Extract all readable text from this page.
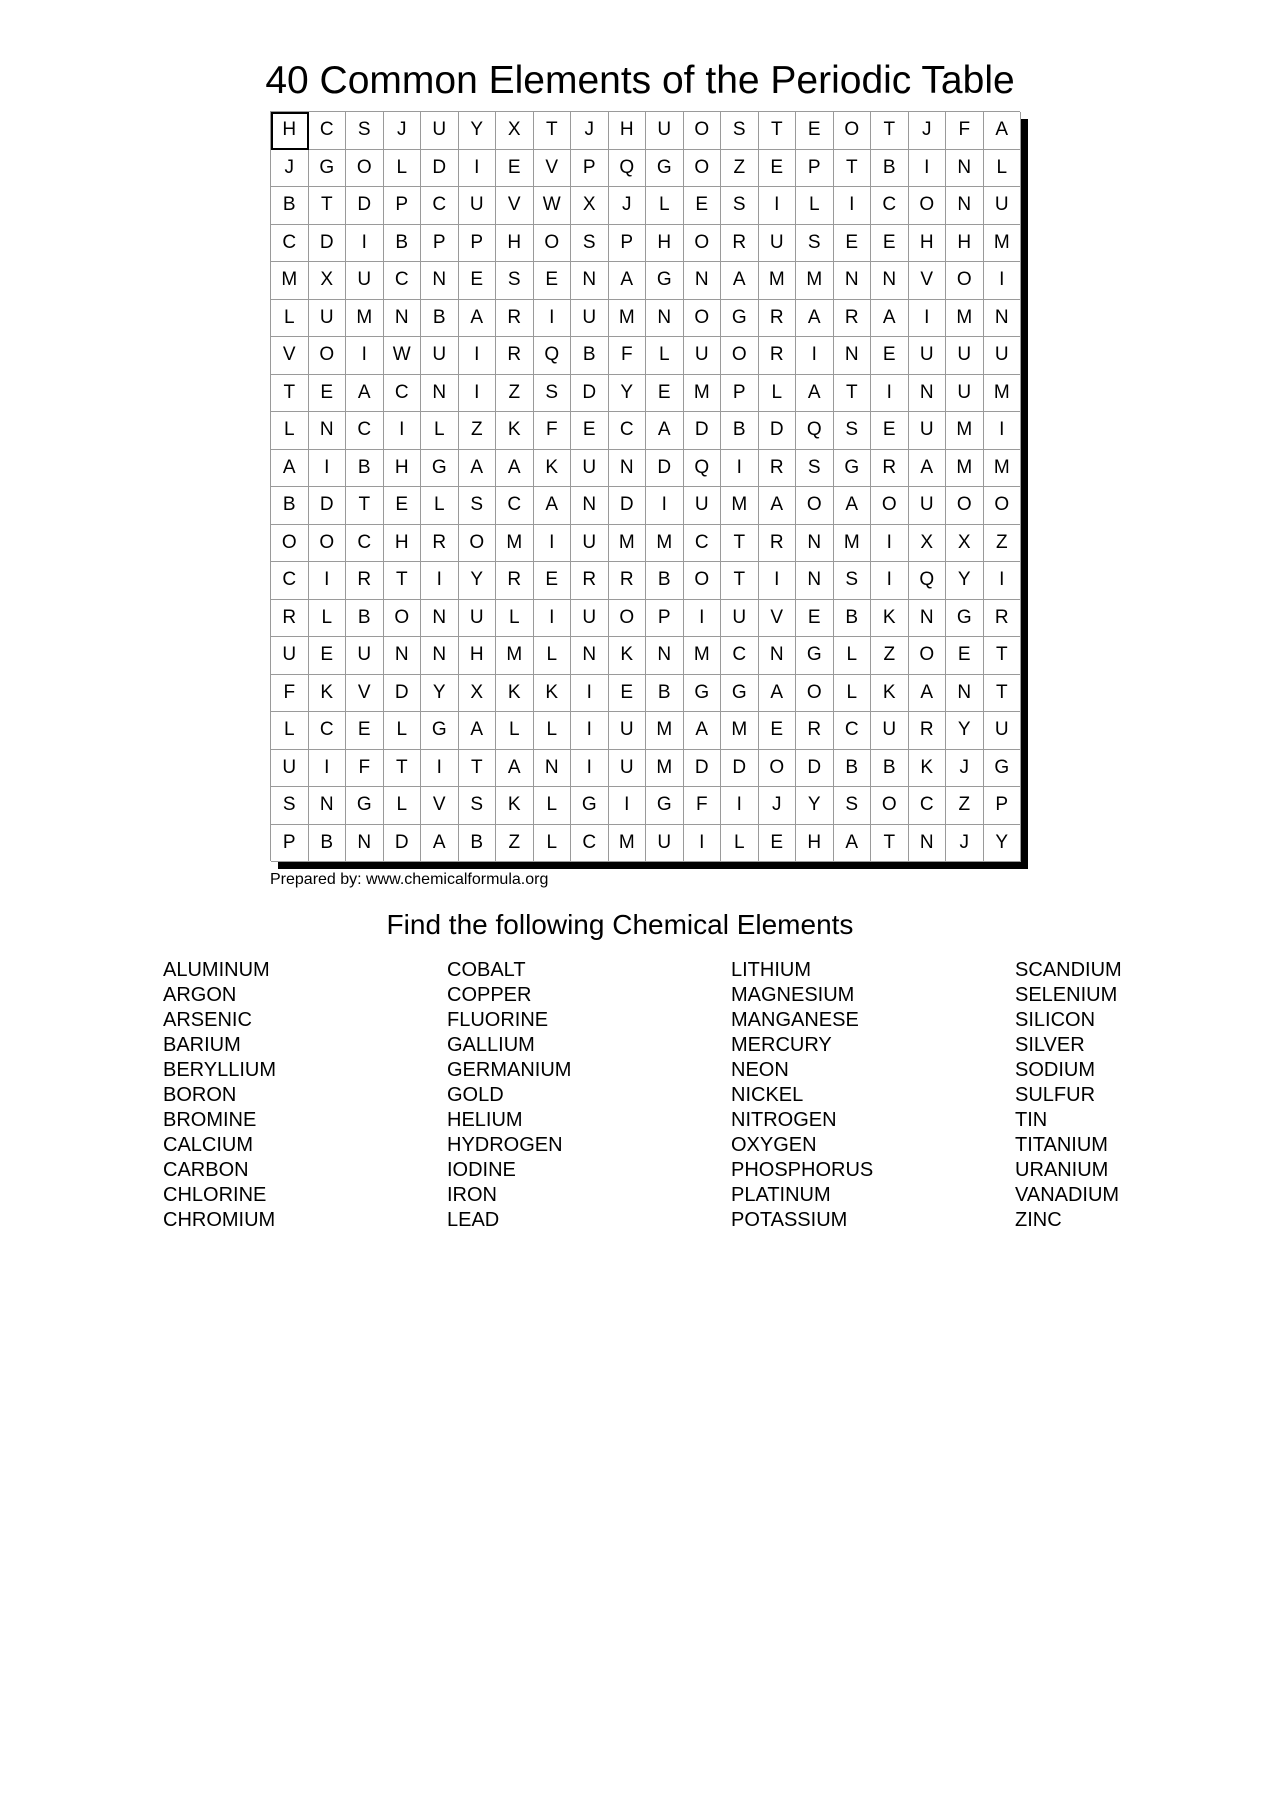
40 Common Elements of the Periodic Table
H	C	S	J	U	Y	X	T	J	H	U	O	S	T	E	O	T	J	F	A
J	G	O	L	D	I	E	V	P	Q	G	O	Z	E	P	T	B	I	N	L
B	T	D	P	C	U	V	W	X	J	L	E	S	I	L	I	C	O	N	U
C	D	I	B	P	P	H	O	S	P	H	O	R	U	S	E	E	H	H	M
M	X	U	C	N	E	S	E	N	A	G	N	A	M	M	N	N	V	O	I
L	U	M	N	B	A	R	I	U	M	N	O	G	R	A	R	A	I	M	N
V	O	I	W	U	I	R	Q	B	F	L	U	O	R	I	N	E	U	U	U
T	E	A	C	N	I	Z	S	D	Y	E	M	P	L	A	T	I	N	U	M
L	N	C	I	L	Z	K	F	E	C	A	D	B	D	Q	S	E	U	M	I
A	I	B	H	G	A	A	K	U	N	D	Q	I	R	S	G	R	A	M	M
B	D	T	E	L	S	C	A	N	D	I	U	M	A	O	A	O	U	O	O
O	O	C	H	R	O	M	I	U	M	M	C	T	R	N	M	I	X	X	Z
C	I	R	T	I	Y	R	E	R	R	B	O	T	I	N	S	I	Q	Y	I
R	L	B	O	N	U	L	I	U	O	P	I	U	V	E	B	K	N	G	R
U	E	U	N	N	H	M	L	N	K	N	M	C	N	G	L	Z	O	E	T
F	K	V	D	Y	X	K	K	I	E	B	G	G	A	O	L	K	A	N	T
L	C	E	L	G	A	L	L	I	U	M	A	M	E	R	C	U	R	Y	U
U	I	F	T	I	T	A	N	I	U	M	D	D	O	D	B	B	K	J	G
S	N	G	L	V	S	K	L	G	I	G	F	I	J	Y	S	O	C	Z	P
P	B	N	D	A	B	Z	L	C	M	U	I	L	E	H	A	T	N	J	Y
Prepared by: www.chemicalformula.org
Find the following Chemical Elements
ALUMINUM
ARGON
ARSENIC
BARIUM
BERYLLIUM
BORON
BROMINE
CALCIUM
CARBON
CHLORINE
CHROMIUM
COBALT
COPPER
FLUORINE
GALLIUM
GERMANIUM
GOLD
HELIUM
HYDROGEN
IODINE
IRON
LEAD
LITHIUM
MAGNESIUM
MANGANESE
MERCURY
NEON
NICKEL
NITROGEN
OXYGEN
PHOSPHORUS
PLATINUM
POTASSIUM
SCANDIUM
SELENIUM
SILICON
SILVER
SODIUM
SULFUR
TIN
TITANIUM
URANIUM
VANADIUM
ZINC
